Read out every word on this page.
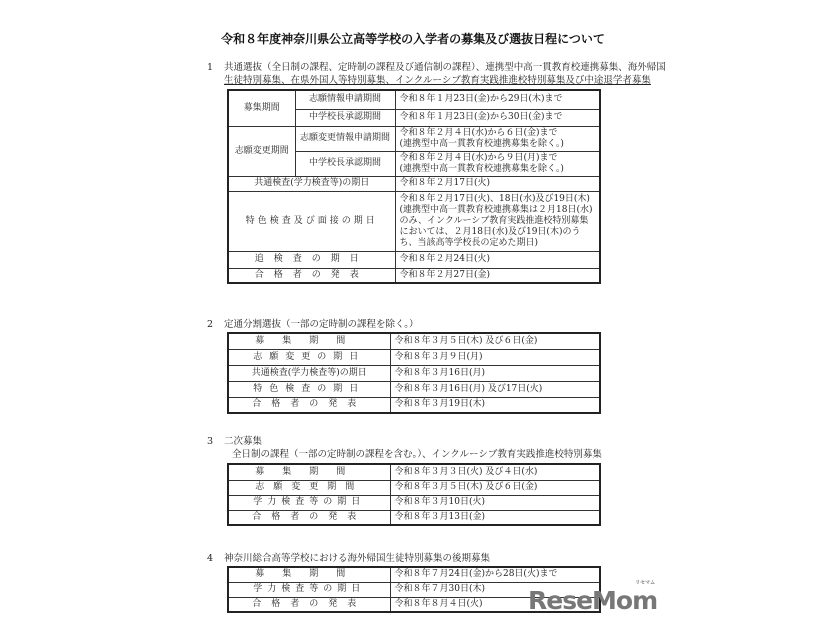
令和８年度神奈川県公立高等学校の入学者の募集及び選抜日程について
1 共通選抜（全日制の課程、定時制の課程及び通信制の課程）、連携型中高一貫教育校連携募集、海外帰国
生徒特別募集、在県外国人等特別募集、インクルーシブ教育実践推進校特別募集及び中途退学者募集
募集期間	志願情報申請期間	令和８年１月23日(金)から29日(木)まで
	中学校長承認期間	令和８年１月23日(金)から30日(金)まで
志願変更期間	志願変更情報申請期間	令和８年２月４日(水)から６日(金)まで
(連携型中高一貫教育校連携募集を除く。)

	中学校長承認期間	令和８年２月４日(水)から９日(月)まで
(連携型中高一貫教育校連携募集を除く。)

共通検査(学力検査等)の期日		令和８年２月17日(火)
特色検査及び面接の期日		令和８年２月17日(火)、18日(水)及び19日(木)
(連携型中高一貫教育校連携募集は２月18日(水)のみ、インクルーシブ教育実践推進校特別募集においては、２月18日(水)及び19日(木)のうち、当該高等学校長の定めた期日)

追検査の期日		令和８年２月24日(火)
合格者の発表		令和８年２月27日(金)
2 定通分割選抜（一部の定時制の課程を除く。）
募集期間	令和８年３月５日(木) 及び６日(金)
志願変更の期日	令和８年３月９日(月)
共通検査(学力検査等)の期日	令和８年３月16日(月)
特色検査の期日	令和８年３月16日(月) 及び17日(火)
合格者の発表	令和８年３月19日(木)
3 二次募集
全日制の課程（一部の定時制の課程を含む。）、インクルーシブ教育実践推進校特別募集
募集期間	令和８年３月３日(火) 及び４日(水)
志願変更期間	令和８年３月５日(木) 及び６日(金)
学力検査等の期日	令和８年３月10日(火)
合格者の発表	令和８年３月13日(金)
4 神奈川総合高等学校における海外帰国生徒特別募集の後期募集
募集期間	令和８年７月24日(金)から28日(火)まで
学力検査等の期日	令和８年７月30日(木)
合格者の発表	令和８年８月４日(火) ReseMom
リセマム
